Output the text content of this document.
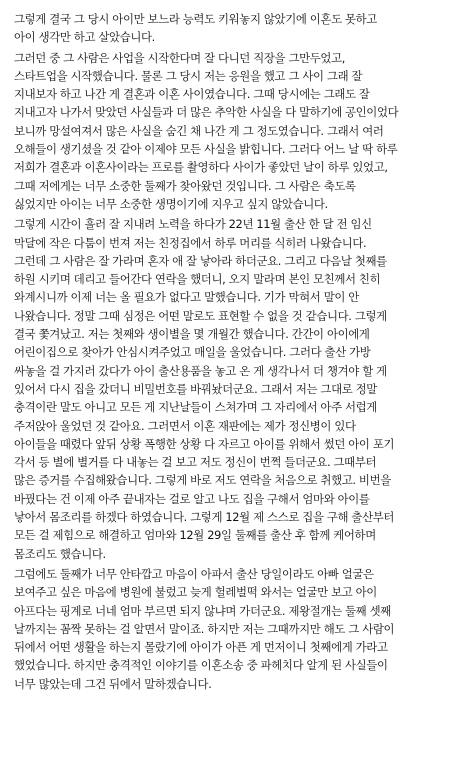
그렇게 결국 그 당시 아이만 보느라 능력도 키워놓지 않았기에 이혼도 못하고
아이 생각만 하고 살았습니다.
그러던 중 그 사람은 사업을 시작한다며 잘 다니던 직장을 그만두었고,
스타트업을 시작했습니다. 물론 그 당시 저는 응원을 했고 그 사이 그래 잘
지내보자 하고 나간 게 결혼과 이혼 사이였습니다. 그때 당시에는 그래도 잘
지내고자 나가서 맞았던 사실들과 더 많은 추악한 사실을 다 말하기에 공인이었다
보니까 망설여져서 많은 사실을 숨긴 채 나간 게 그 정도였습니다. 그래서 여러
오해들이 생기셨을 것 같아 이제야 모든 사실을 밝힙니다. 그러다 어느 날 딱 하루
저희가 결혼과 이혼사이라는 프로를 촬영하다 사이가 좋았던 날이 하루 있었고,
그때 저에게는 너무 소중한 둘째가 찾아왔던 것입니다. 그 사람은 축도록
싫었지만 아이는 너무 소중한 생명이기에 지우고 싶지 않았습니다.
그렇게 시간이 흘러 잘 지내려 노력을 하다가 22년 11월 출산 한 달 전 임신
막달에 작은 다툼이 번져 저는 친정집에서 하루 머리를 식히러 나왔습니다.
그런데 그 사람은 잘 가라며 혼자 애 잘 낳아라 하더군요. 그리고 다음날 첫째를
하원 시키며 데리고 들어간다 연락을 했더니, 오지 말라며 본인 모친께서 친히
와계시니까 이제 너는 올 필요가 없다고 말했습니다. 기가 막혀서 말이 안
나왔습니다. 정말 그때 심정은 어떤 말로도 표현할 수 없을 것 같습니다. 그렇게
결국 쫓겨났고. 저는 첫째와 생이별을 몇 개월간 했습니다. 간간이 아이에게
어린이집으로 찾아가 안심시켜주었고 매일을 울었습니다. 그러다 출산 가방
싸놓을 걸 가지러 갔다가 아이 출산용품을 놓고 온 게 생각나서 더 챙겨야 할 게
있어서 다시 집을 갔더니 비밀번호를 바꿔놨더군요. 그래서 저는 그대로 정말
충격이란 말도 아니고 모든 게 지난날들이 스쳐가며 그 자리에서 아주 서럽게
주저앉아 울었던 것 같아요. 그러면서 이혼 재판에는 제가 정신병이 있다
아이들을 때렸다 앞뒤 상황 폭행한 상황 다 자르고 아이를 위해서 썼던 아이 포기
각서 등 별에 별거를 다 내놓는 걸 보고 저도 정신이 번쩍 들더군요. 그때부터
많은 증거를 수집해왔습니다. 그렇게 바로 저도 연락을 처음으로 취했고. 비번을
바꿨다는 건 이제 아주 끝내자는 걸로 알고 나도 집을 구해서 엄마와 아이를
낳아서 몸조리를 하겠다 하였습니다. 그렇게 12월 제 스스로 집을 구해 출산부터
모든 걸 제힘으로 해결하고 엄마와 12월 29일 둘째를 출산 후 함께 케어하며
몸조리도 했습니다.
그럼에도 둘째가 너무 안타깝고 마음이 아파서 출산 당일이라도 아빠 얼굴은
보여주고 싶은 마음에 병원에 불렀고 늦게 헐레벌떡 와서는 얼굴만 보고 아이
아프다는 핑계로 너네 엄마 부르면 되지 않냐며 가더군요. 제왕절개는 둘째 셋째
날까지는 꼼짝 못하는 걸 알면서 말이죠. 하지만 저는 그때까지만 해도 그 사람이
뒤에서 어떤 생활을 하는지 몰랐기에 아이가 아픈 게 먼저이니 첫째에게 가라고
했었습니다. 하지만 충격적인 이야기를 이혼소송 중 파헤치다 알게 된 사실들이
너무 많았는데 그건 뒤에서 말하겠습니다.
